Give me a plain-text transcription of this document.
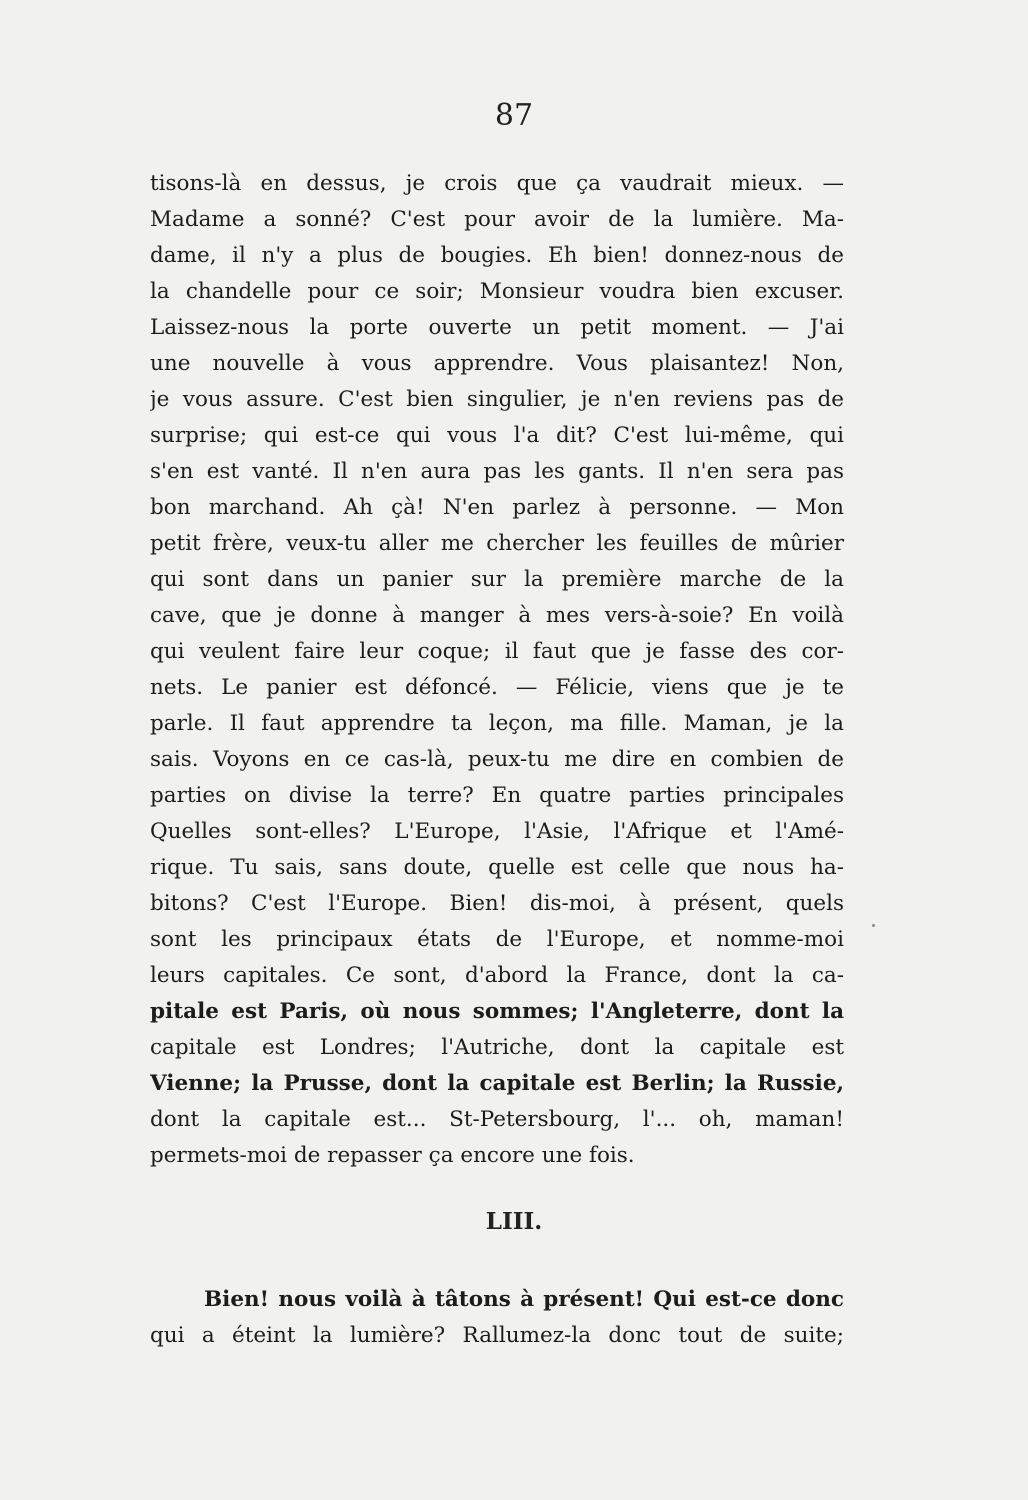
87
tisons-là en dessus, je crois que ça vaudrait mieux. —
Madame a sonné? C'est pour avoir de la lumière. Ma-
dame, il n'y a plus de bougies. Eh bien! donnez-nous de
la chandelle pour ce soir; Monsieur voudra bien excuser.
Laissez-nous la porte ouverte un petit moment. — J'ai
une nouvelle à vous apprendre. Vous plaisantez! Non,
je vous assure. C'est bien singulier, je n'en reviens pas de
surprise; qui est-ce qui vous l'a dit? C'est lui-même, qui
s'en est vanté. Il n'en aura pas les gants. Il n'en sera pas
bon marchand. Ah çà! N'en parlez à personne. — Mon
petit frère, veux-tu aller me chercher les feuilles de mûrier
qui sont dans un panier sur la première marche de la
cave, que je donne à manger à mes vers-à-soie? En voilà
qui veulent faire leur coque; il faut que je fasse des cor-
nets. Le panier est défoncé. — Félicie, viens que je te
parle. Il faut apprendre ta leçon, ma fille. Maman, je la
sais. Voyons en ce cas-là, peux-tu me dire en combien de
parties on divise la terre? En quatre parties principales
Quelles sont-elles? L'Europe, l'Asie, l'Afrique et l'Amé-
rique. Tu sais, sans doute, quelle est celle que nous ha-
bitons? C'est l'Europe. Bien! dis-moi, à présent, quels
sont les principaux états de l'Europe, et nomme-moi
leurs capitales. Ce sont, d'abord la France, dont la ca-
pitale est Paris, où nous sommes; l'Angleterre, dont la
capitale est Londres; l'Autriche, dont la capitale est
Vienne; la Prusse, dont la capitale est Berlin; la Russie,
dont la capitale est... St-Petersbourg, l'... oh, maman!
permets-moi de repasser ça encore une fois.
LIII.
Bien! nous voilà à tâtons à présent! Qui est-ce donc
qui a éteint la lumière? Rallumez-la donc tout de suite;
